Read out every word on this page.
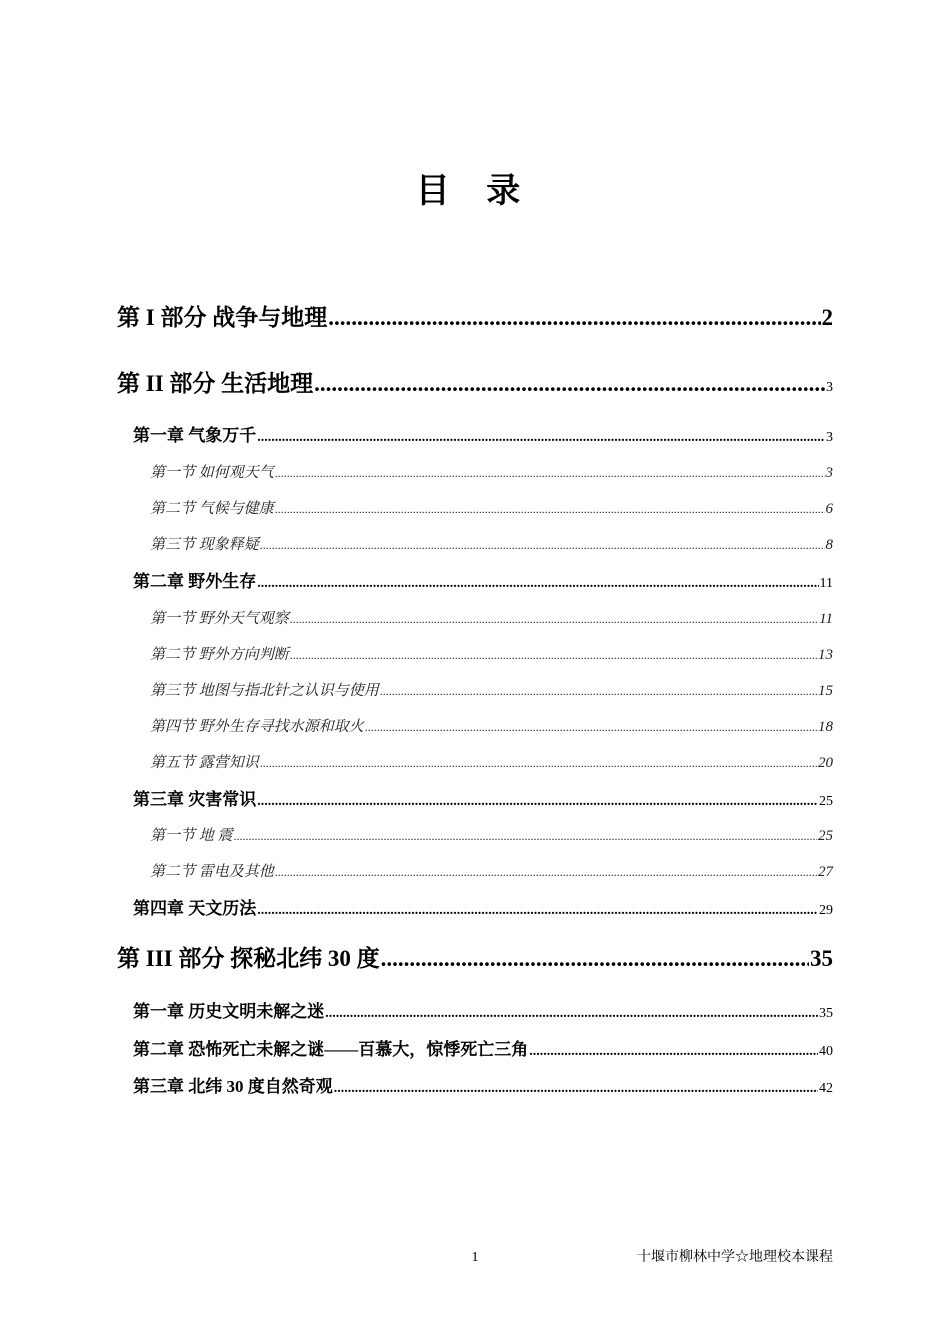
目 录
第 I 部分 战争与地理 .....	2
第 II 部分 生活地理 .....	3
第一章 气象万千 .....	3
第一节 如何观天气 .....	3
第二节 气候与健康 .....	6
第三节 现象释疑 .....	8
第二章 野外生存 .....	11
第一节 野外天气观察 .....	11
第二节 野外方向判断 .....	13
第三节 地图与指北针之认识与使用 .....	15
第四节 野外生存寻找水源和取火 .....	18
第五节 露营知识 .....	20
第三章 灾害常识 .....	25
第一节 地 震 .....	25
第二节 雷电及其他 .....	27
第四章 天文历法 .....	29
第 III 部分 探秘北纬 30 度 .....	35
第一章 历史文明未解之迷 .....	35
第二章 恐怖死亡未解之谜——百慕大，惊悸死亡三角 .....	40
第三章 北纬 30 度自然奇观 .....	42
1	十堰市柳林中学☆地理校本课程
